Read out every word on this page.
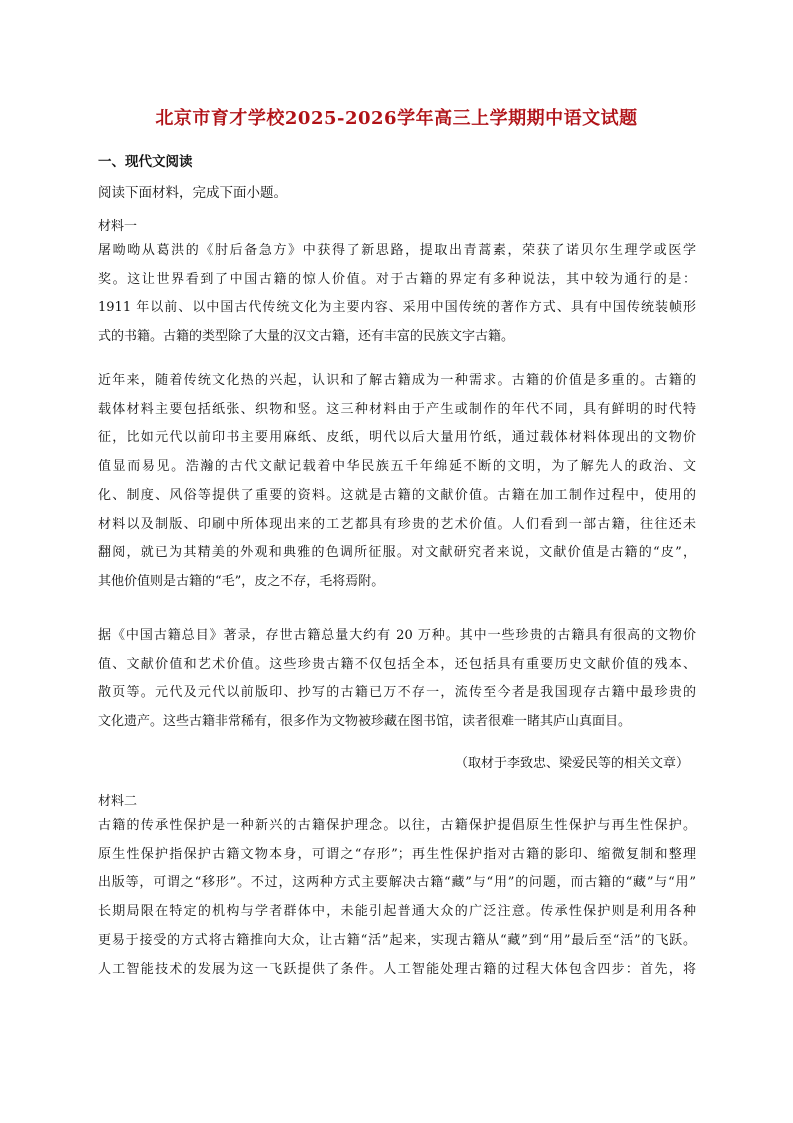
北京市育才学校2025-2026学年高三上学期期中语文试题
一、现代文阅读
阅读下面材料，完成下面小题。
材料一
屠呦呦从葛洪的《肘后备急方》中获得了新思路，提取出青蒿素，荣获了诺贝尔生理学或医学
奖。这让世界看到了中国古籍的惊人价值。对于古籍的界定有多种说法，其中较为通行的是：
1911 年以前、以中国古代传统文化为主要内容、采用中国传统的著作方式、具有中国传统装帧形
式的书籍。古籍的类型除了大量的汉文古籍，还有丰富的民族文字古籍。
近年来，随着传统文化热的兴起，认识和了解古籍成为一种需求。古籍的价值是多重的。古籍的
载体材料主要包括纸张、织物和竖。这三种材料由于产生或制作的年代不同，具有鲜明的时代特
征，比如元代以前印书主要用麻纸、皮纸，明代以后大量用竹纸，通过载体材料体现出的文物价
值显而易见。浩瀚的古代文献记载着中华民族五千年绵延不断的文明，为了解先人的政治、文
化、制度、风俗等提供了重要的资料。这就是古籍的文献价值。古籍在加工制作过程中，使用的
材料以及制版、印刷中所体现出来的工艺都具有珍贵的艺术价值。人们看到一部古籍，往往还未
翻阅，就已为其精美的外观和典雅的色调所征服。对文献研究者来说，文献价值是古籍的“皮”，
其他价值则是古籍的“毛”，皮之不存，毛将焉附。
据《中国古籍总目》著录，存世古籍总量大约有 20 万种。其中一些珍贵的古籍具有很高的文物价
值、文献价值和艺术价值。这些珍贵古籍不仅包括全本，还包括具有重要历史文献价值的残本、
散页等。元代及元代以前版印、抄写的古籍已万不存一，流传至今者是我国现存古籍中最珍贵的
文化遗产。这些古籍非常稀有，很多作为文物被珍藏在图书馆，读者很难一睹其庐山真面目。
（取材于李致忠、梁爱民等的相关文章）
材料二
古籍的传承性保护是一种新兴的古籍保护理念。以往，古籍保护提倡原生性保护与再生性保护。
原生性保护指保护古籍文物本身，可谓之“存形”；再生性保护指对古籍的影印、缩微复制和整理
出版等，可谓之“移形”。不过，这两种方式主要解决古籍“藏”与“用”的问题，而古籍的“藏”与“用”
长期局限在特定的机构与学者群体中，未能引起普通大众的广泛注意。传承性保护则是利用各种
更易于接受的方式将古籍推向大众，让古籍“活”起来，实现古籍从“藏”到“用”最后至“活”的飞跃。
人工智能技术的发展为这一飞跃提供了条件。人工智能处理古籍的过程大体包含四步：首先，将
